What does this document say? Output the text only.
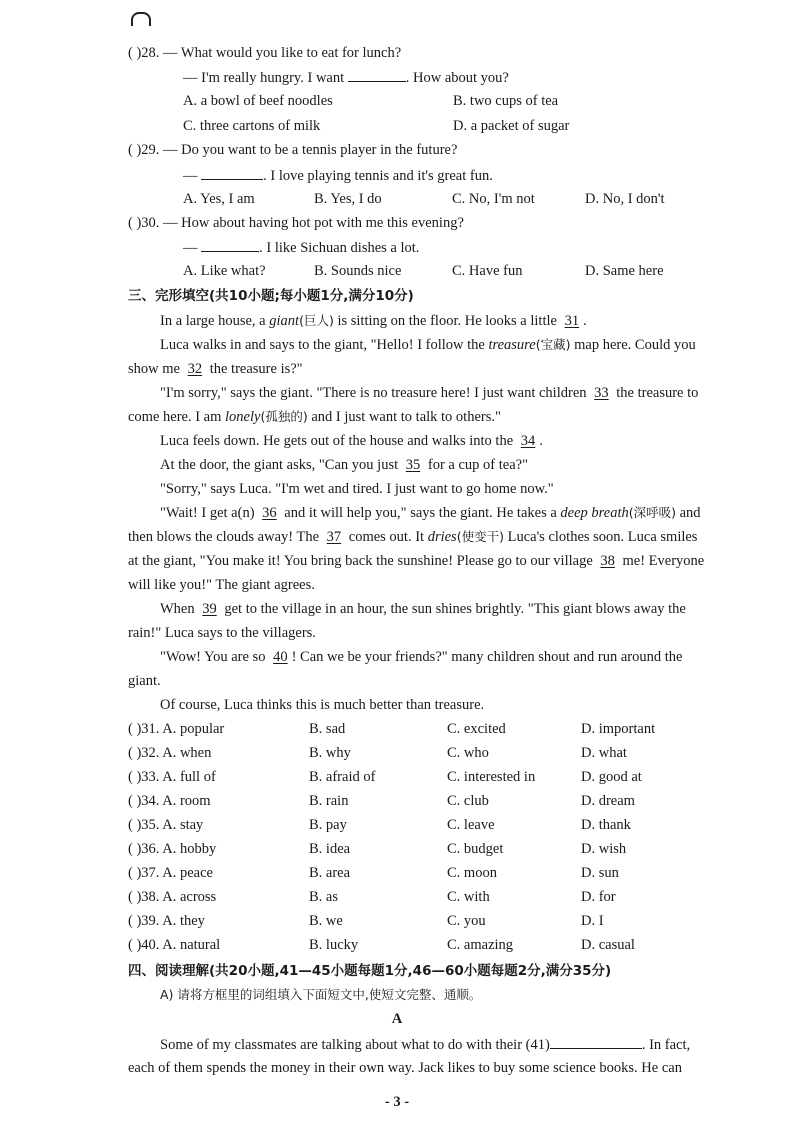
( )28. — What would you like to eat for lunch?
— I'm really hungry. I want	. How about you?
A. a bowl of beef noodles	B. two cups of tea
C. three cartons of milk	D. a packet of sugar
( )29. — Do you want to be a tennis player in the future?
—	. I love playing tennis and it's great fun.
A. Yes, I am	B. Yes, I do	C. No, I'm not	D. No, I don't
( )30. — How about having hot pot with me this evening?
—	. I like Sichuan dishes a lot.
A. Like what?	B. Sounds nice	C. Have fun	D. Same here
三、完形填空(共10小题;每小题1分,满分10分)
In a large house, a giant(巨人) is sitting on the floor. He looks a little 31 .
Luca walks in and says to the giant, "Hello! I follow the treasure(宝藏) map here. Could you
show me 32 the treasure is?"
"I'm sorry," says the giant. "There is no treasure here! I just want children 33 the treasure to
come here. I am lonely(孤独的) and I just want to talk to others."
Luca feels down. He gets out of the house and walks into the 34 .
At the door, the giant asks, "Can you just 35 for a cup of tea?"
"Sorry," says Luca. "I'm wet and tired. I just want to go home now."
"Wait! I get a(n) 36 and it will help you," says the giant. He takes a deep breath(深呼吸) and
then blows the clouds away! The 37 comes out. It dries(使变干) Luca's clothes soon. Luca smiles
at the giant, "You make it! You bring back the sunshine! Please go to our village 38 me! Everyone
will like you!" The giant agrees.
When 39 get to the village in an hour, the sun shines brightly. "This giant blows away the
rain!" Luca says to the villagers.
"Wow! You are so 40 ! Can we be your friends?" many children shout and run around the
giant.
Of course, Luca thinks this is much better than treasure.
( )31. A. popular	B. sad	C. excited	D. important
( )32. A. when	B. why	C. who	D. what
( )33. A. full of	B. afraid of	C. interested in	D. good at
( )34. A. room	B. rain	C. club	D. dream
( )35. A. stay	B. pay	C. leave	D. thank
( )36. A. hobby	B. idea	C. budget	D. wish
( )37. A. peace	B. area	C. moon	D. sun
( )38. A. across	B. as	C. with	D. for
( )39. A. they	B. we	C. you	D. I
( )40. A. natural	B. lucky	C. amazing	D. casual
四、阅读理解(共20小题,41—45小题每题1分,46—60小题每题2分,满分35分)
A) 请将方框里的词组填入下面短文中,使短文完整、通顺。
A
Some of my classmates are talking about what to do with their (41)	. In fact,
each of them spends the money in their own way. Jack likes to buy some science books. He can
- 3 -
